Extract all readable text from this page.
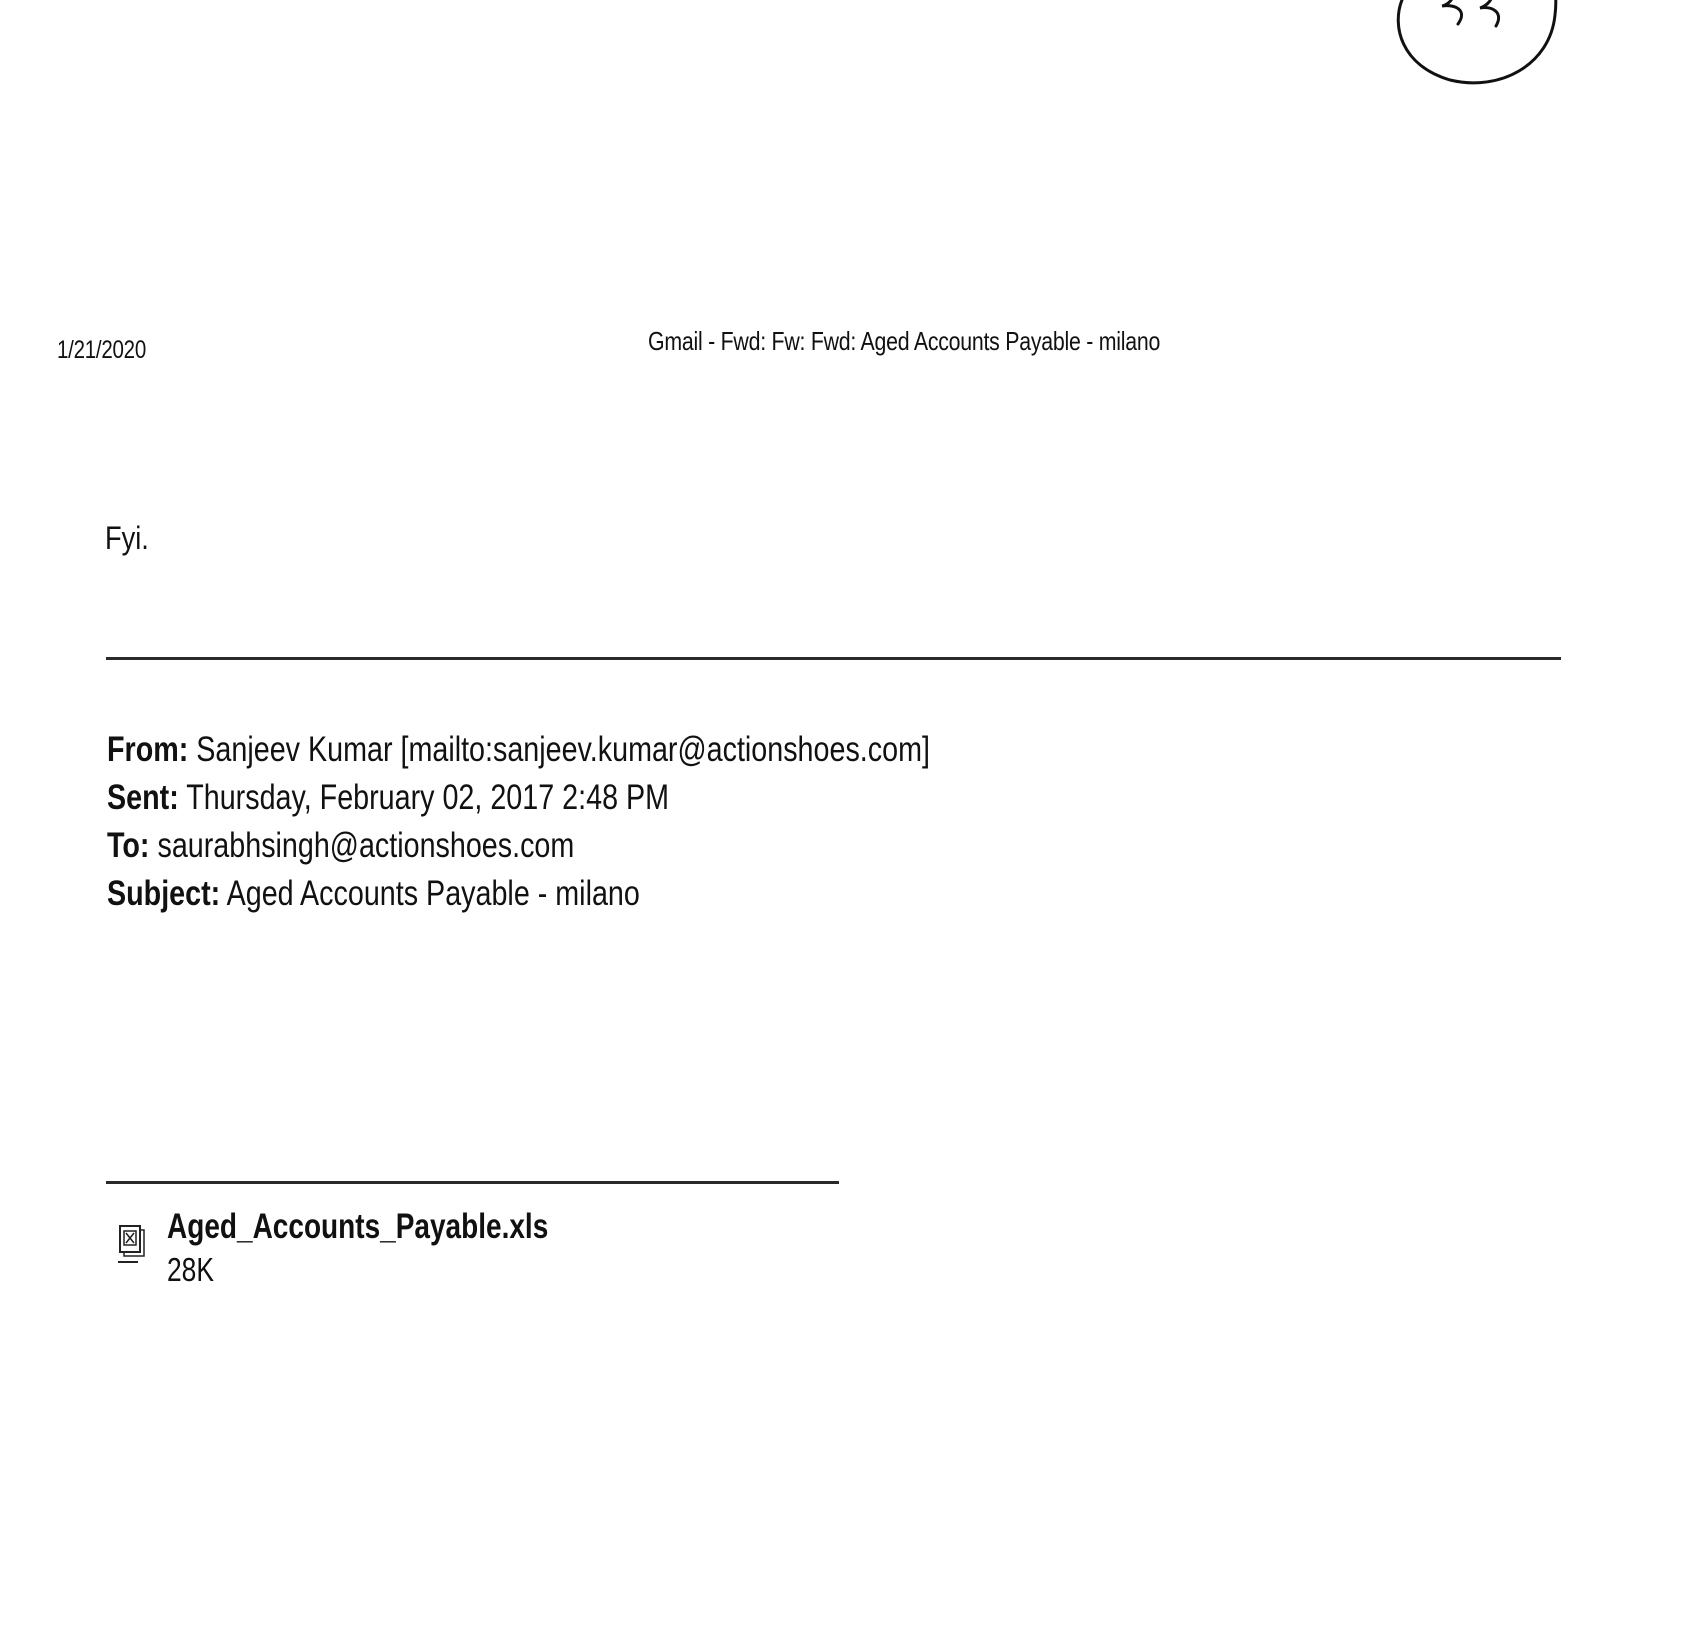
1/21/2020	Gmail - Fwd: Fw: Fwd: Aged Accounts Payable - milano
Fyi.
From: Sanjeev Kumar [mailto:sanjeev.kumar@actionshoes.com]
Sent: Thursday, February 02, 2017 2:48 PM
To: saurabhsingh@actionshoes.com
Subject: Aged Accounts Payable - milano
Aged_Accounts_Payable.xls
28K
